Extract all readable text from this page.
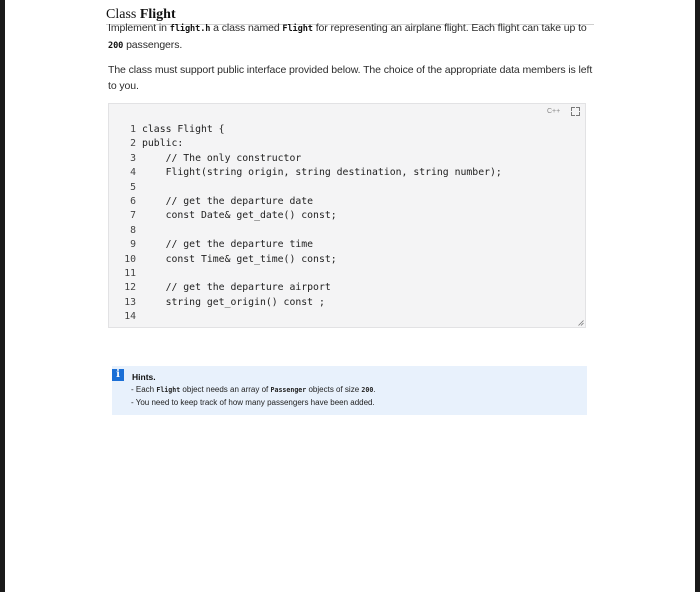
Class Flight
Implement in flight.h a class named Flight for representing an airplane flight. Each flight can take up to 200 passengers.
The class must support public interface provided below. The choice of the appropriate data members is left to you.
C++
1 class Flight {
2 public:
3 // The only constructor
4 Flight(string origin, string destination, string number);
5
6 // get the departure date
7 const Date& get_date() const;
8
9 // get the departure time
10 const Time& get_time() const;
11
12 // get the departure airport
13 string get_origin() const ;
14
i	Hints.
- Each Flight object needs an array of Passenger objects of size 200.
- You need to keep track of how many passengers have been added.
